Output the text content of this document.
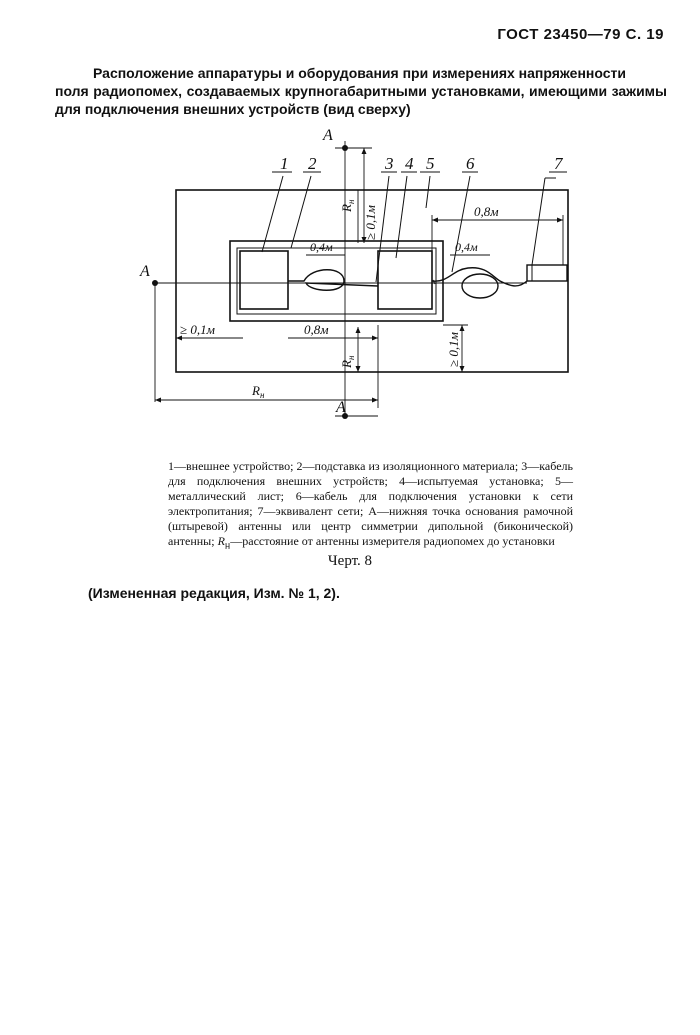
ГОСТ 23450—79 С. 19
Расположение аппаратуры и оборудования при измерениях напряженности
поля радиопомех, создаваемых крупногабаритными установками, имеющими зажимы для подключения внешних устройств (вид сверху)
1 2	3 4 5 6	7
A
A
A
$R_н$
≥ 0,1м
0,4м	0,4м
0,8м
≥ 0,1м	0,8м
$R_н$	≥ 0,1м
$R_н$
1—внешнее устройство; 2—подставка из изоляционного материала; 3—кабель для подключения внешних устройств; 4—испытуемая установка; 5—металлический лист; 6—кабель для подключения установки к сети электропитания; 7—эквивалент сети; A—нижняя точка основания рамочной (штыревой) антенны или центр симметрии дипольной (биконической) антенны; $R_н—расстояние$ от антенны измерителя радиопомех до установки
Черт. 8
(Измененная редакция, Изм. № 1, 2).
